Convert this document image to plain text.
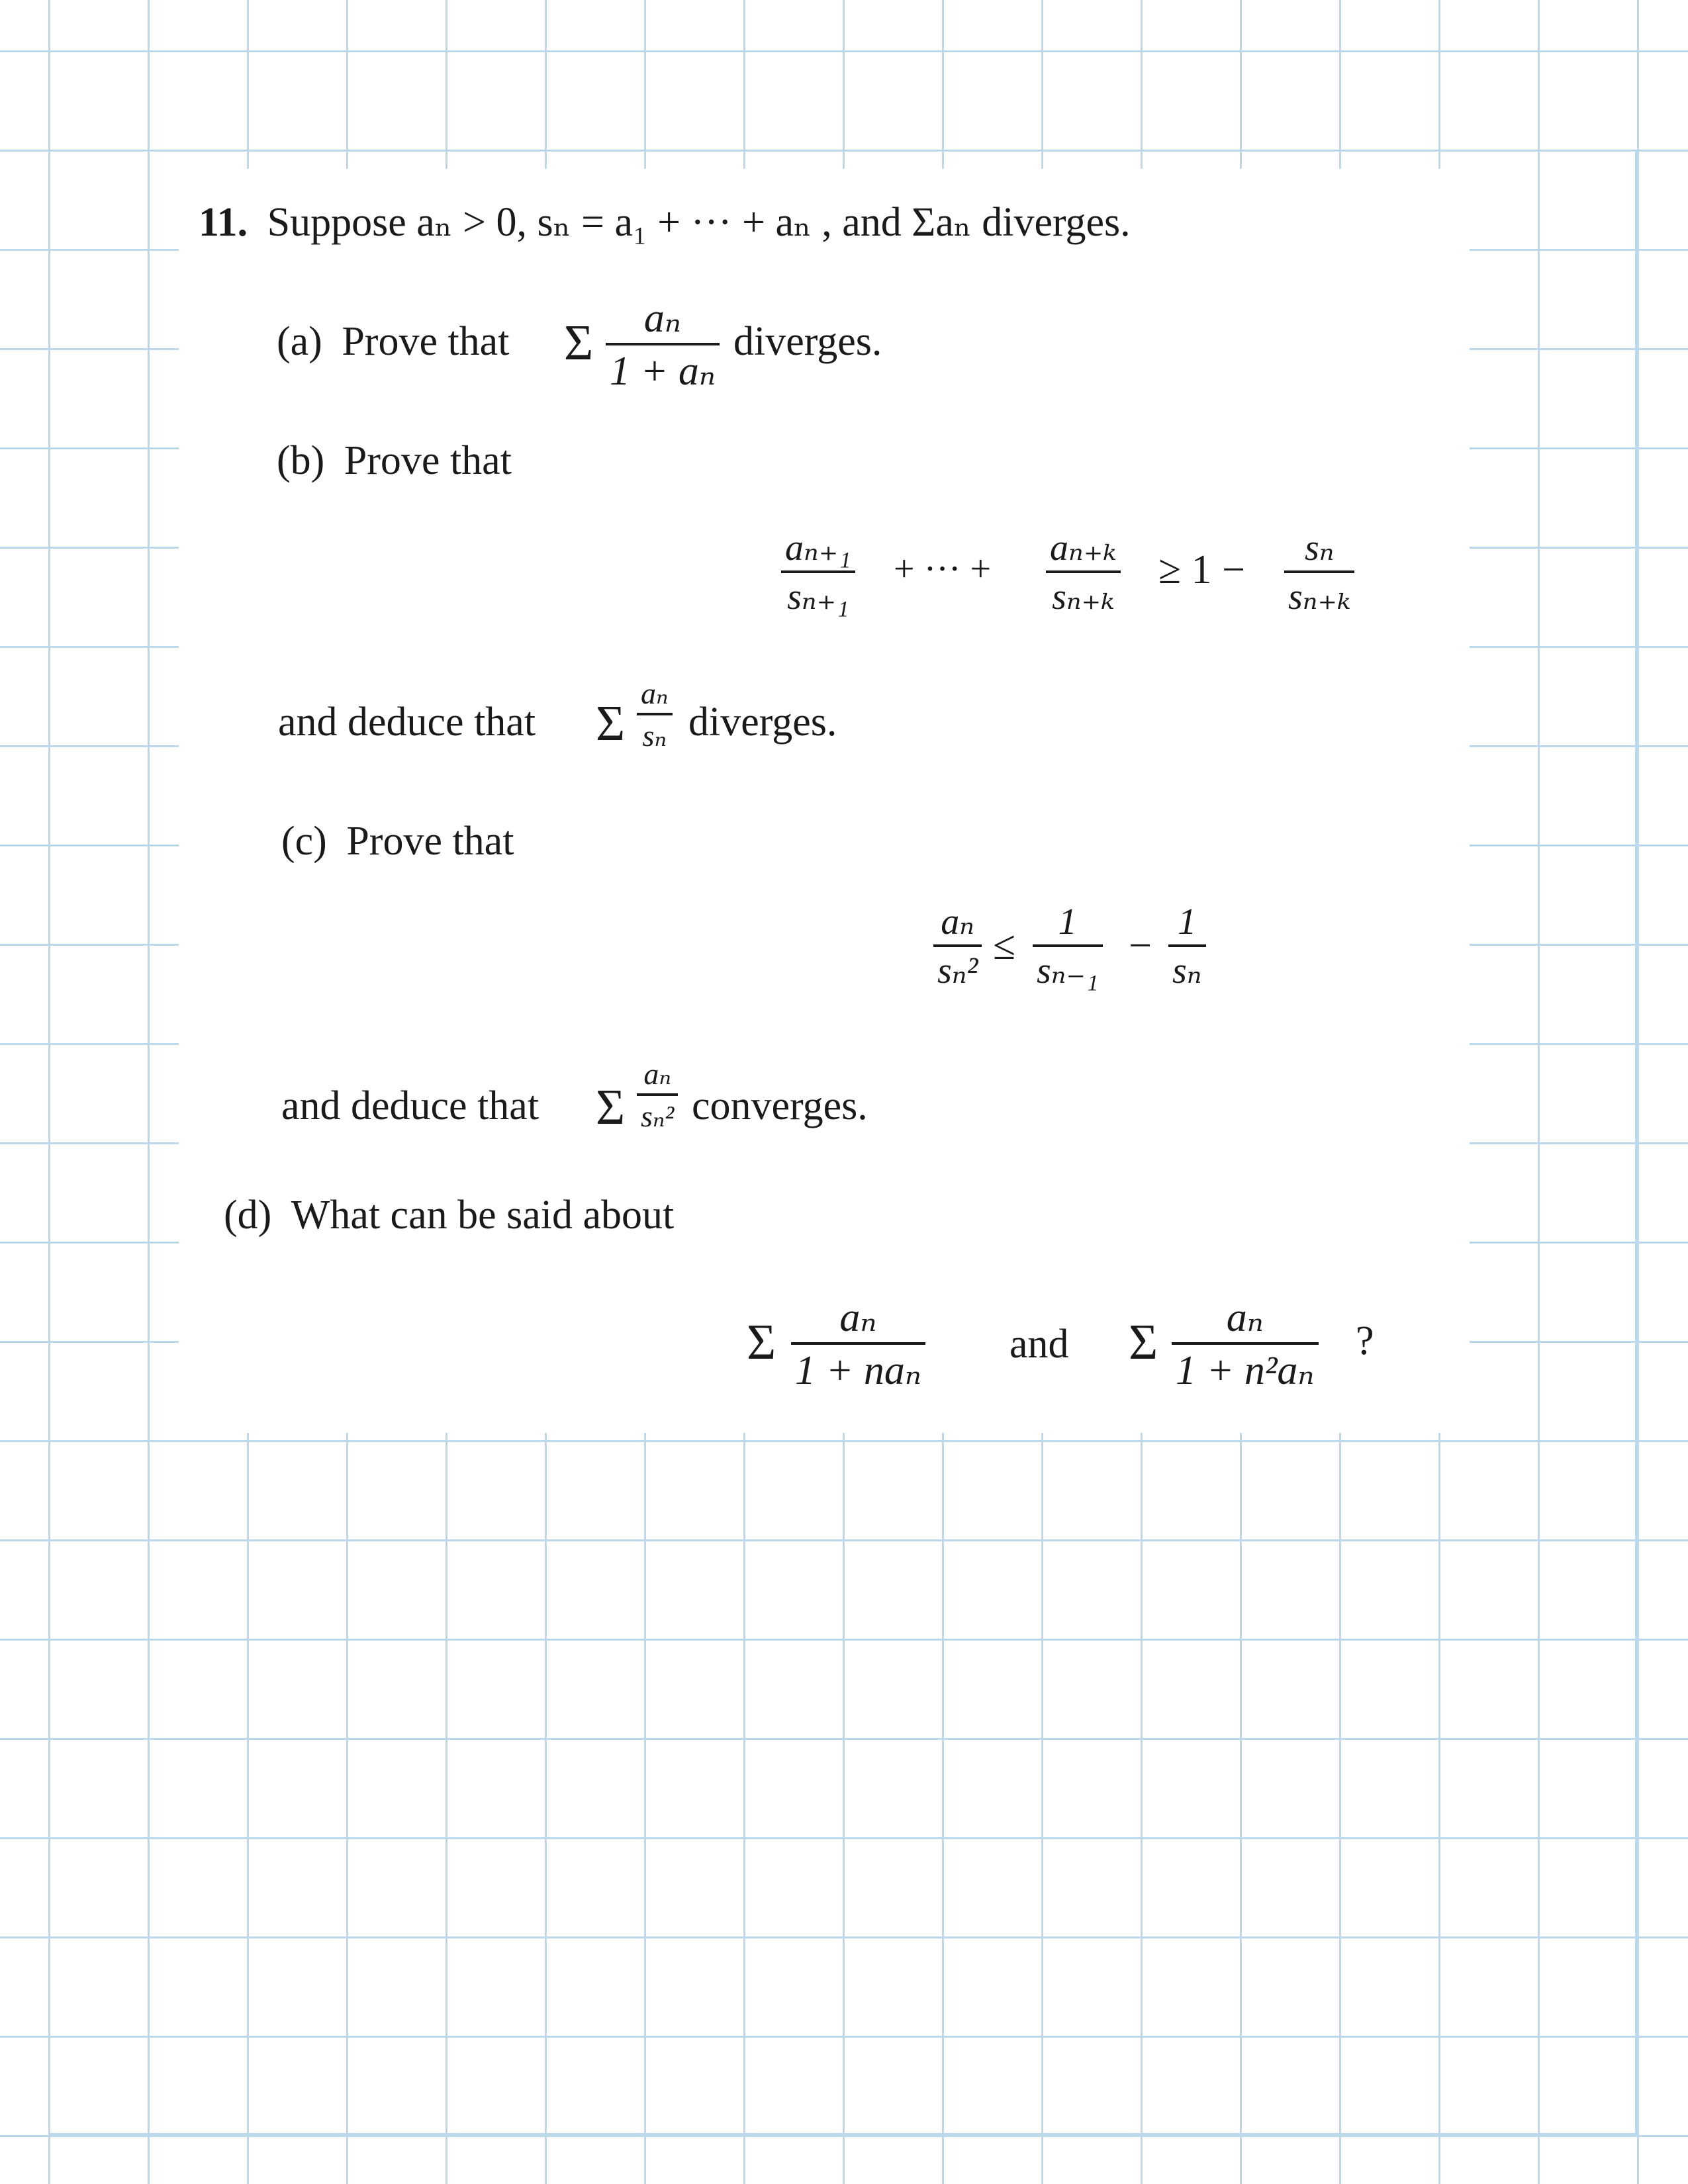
11. Suppose aₙ > 0, sₙ = a₁ + ··· + aₙ , and Σaₙ diverges.
(a) Prove that Σ $\frac{\text{aₙ}}{\text{1 + aₙ}}$ diverges.
(b) Prove that
$\frac{\text{aₙ₊₁}}{\text{sₙ₊₁}}$ + ··· + $\frac{\text{aₙ₊ₖ}}{\text{sₙ₊ₖ}} \ge 1 - \frac{\text{sₙ}}{\text{sₙ₊ₖ}}$
and deduce that Σ $\frac{\text{aₙ}}{\text{sₙ}}$ diverges.
(c) Prove that
$\frac{\text{aₙ}}{\text{sₙ²}} \le \frac{1}{\text{sₙ₋₁}} - \frac{1}{\text{sₙ}}$
and deduce that Σ $\frac{\text{aₙ}}{\text{sₙ²}}$ converges.
(d) What can be said about
Σ	aₙ
1 + naₙ
and Σ $\frac{\text{aₙ}}{\text{1 + n²aₙ}}$ ?
